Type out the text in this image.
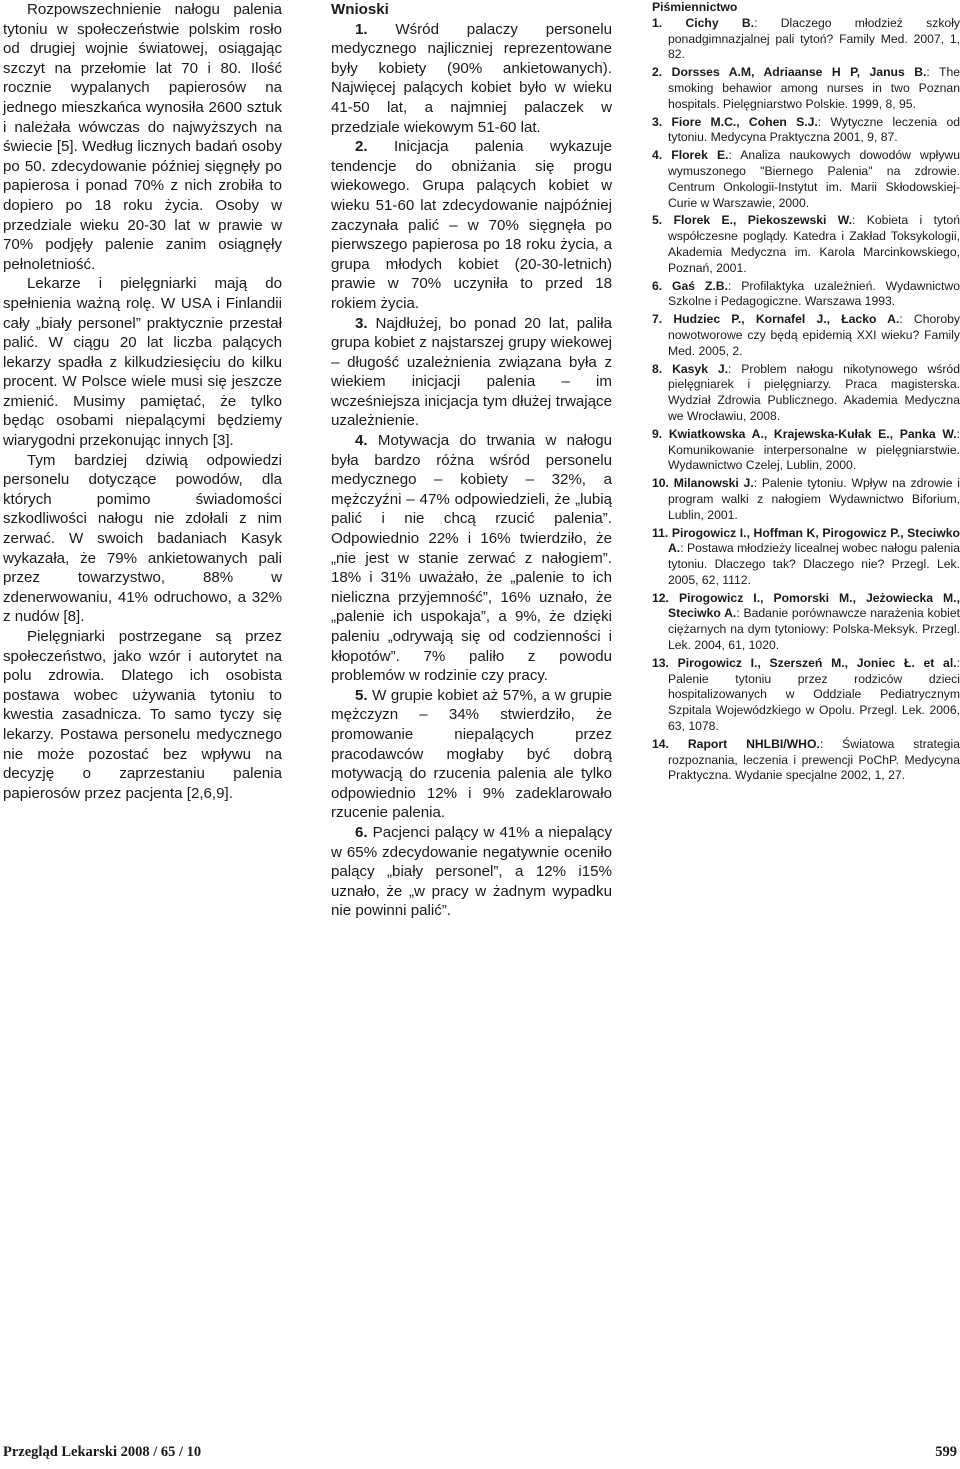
Rozpowszechnienie nałogu palenia tytoniu w społeczeństwie polskim rosło od drugiej wojnie światowej, osiągając szczyt na przełomie lat 70 i 80. Ilość rocznie wypalanych papierosów na jednego mieszkańca wynosiła 2600 sztuk i należała wówczas do najwyższych na świecie [5]. Według licznych badań osoby po 50. zdecydowanie później sięgnęły po papierosa i ponad 70% z nich zrobiła to dopiero po 18 roku życia. Osoby w przedziale wieku 20-30 lat w prawie w 70% podjęły palenie zanim osiągnęły pełnoletniość.

Lekarze i pielęgniarki mają do spełnienia ważną rolę. W USA i Finlandii cały „biały personel” praktycznie przestał palić. W ciągu 20 lat liczba palących lekarzy spadła z kilkudziesięciu do kilku procent. W Polsce wiele musi się jeszcze zmienić. Musimy pamiętać, że tylko będąc osobami niepalącymi będziemy wiarygodni przekonując innych [3].

Tym bardziej dziwią odpowiedzi personelu dotyczące powodów, dla których pomimo świadomości szkodliwości nałogu nie zdołali z nim zerwać. W swoich badaniach Kasyk wykazała, że 79% ankietowanych pali przez towarzystwo, 88% w zdenerwowaniu, 41% odruchowo, a 32% z nudów [8].

Pielęgniarki postrzegane są przez społeczeństwo, jako wzór i autorytet na polu zdrowia. Dlatego ich osobista postawa wobec używania tytoniu to kwestia zasadnicza. To samo tyczy się lekarzy. Postawa personelu medycznego nie może pozostać bez wpływu na decyzję o zaprzestaniu palenia papierosów przez pacjenta [2,6,9].

Wnioski

1. Wśród palaczy personelu medycznego najliczniej reprezentowane były kobiety (90% ankietowanych). Najwięcej palących kobiet było w wieku 41-50 lat, a najmniej palaczek w przedziale wiekowym 51-60 lat.

2. Inicjacja palenia wykazuje tendencje do obniżania się progu wiekowego. Grupa palących kobiet w wieku 51-60 lat zdecydowanie najpóźniej zaczynała palić – w 70% sięgnęła po pierwszego papierosa po 18 roku życia, a grupa młodych kobiet (20-30-letnich) prawie w 70% uczyniła to przed 18 rokiem życia.

3. Najdłużej, bo ponad 20 lat, paliła grupa kobiet z najstarszej grupy wiekowej – długość uzależnienia związana była z wiekiem inicjacji palenia – im wcześniejsza inicjacja tym dłużej trwające uzależnienie.

4. Motywacja do trwania w nałogu była bardzo różna wśród personelu medycznego – kobiety – 32%, a mężczyźni – 47% odpowiedzieli, że „lubią palić i nie chcą rzucić palenia”. Odpowiednio 22% i 16% twierdziło, że „nie jest w stanie zerwać z nałogiem”. 18% i 31% uważało, że „palenie to ich nieliczna przyjemność”, 16% uznało, że „palenie ich uspokaja”, a 9%, że dzięki paleniu „odrywają się od codzienności i kłopotów”. 7% paliło z powodu problemów w rodzinie czy pracy.

5. W grupie kobiet aż 57%, a w grupie mężczyzn – 34% stwierdziło, że promowanie niepalących przez pracodawców mogłaby być dobrą motywacją do rzucenia palenia ale tylko odpowiednio 12% i 9% zadeklarowało rzucenie palenia.

6. Pacjenci palący w 41% a niepalący w 65% zdecydowanie negatywnie oceniło palący „biały personel”, a 12% i15% uznało, że „w pracy w żadnym wypadku nie powinni palić”.

Piśmiennictwo

1. Cichy B.: Dlaczego młodzież szkoły ponadgimnazjalnej pali tytoń? Family Med. 2007, 1, 82.

2. Dorsses A.M, Adriaanse H P, Janus B.: The smoking behawior among nurses in two Poznan hospitals. Pielęgniarstwo Polskie. 1999, 8, 95.

3. Fiore M.C., Cohen S.J.: Wytyczne leczenia od tytoniu. Medycyna Praktyczna 2001, 9, 87.

4. Florek E.: Analiza naukowych dowodów wpływu wymuszonego "Biernego Palenia" na zdrowie. Centrum Onkologii-Instytut im. Marii Skłodowskiej-Curie w Warszawie, 2000.

5. Florek E., Piekoszewski W.: Kobieta i tytoń współczesne poglądy. Katedra i Zakład Toksykologii, Akademia Medyczna im. Karola Marcinkowskiego, Poznań, 2001.

6. Gaś Z.B.: Profilaktyka uzależnień. Wydawnictwo Szkolne i Pedagogiczne. Warszawa 1993.

7. Hudziec P., Kornafel J., Łacko A.: Choroby nowotworowe czy będą epidemią XXI wieku? Family Med. 2005, 2.

8. Kasyk J.: Problem nałogu nikotynowego wśród pielęgniarek i pielęgniarzy. Praca magisterska. Wydział Zdrowia Publicznego. Akademia Medyczna we Wrocławiu, 2008.

9. Kwiatkowska A., Krajewska-Kułak E., Panka W.: Komunikowanie interpersonalne w pielęgniarstwie. Wydawnictwo Czelej, Lublin, 2000.

10. Milanowski J.: Palenie tytoniu. Wpływ na zdrowie i program walki z nałogiem Wydawnictwo Biforium, Lublin, 2001.

11. Pirogowicz I., Hoffman K, Pirogowicz P., Steciwko A.: Postawa młodzieży licealnej wobec nałogu palenia tytoniu. Dlaczego tak? Dlaczego nie? Przegl. Lek. 2005, 62, 1112.

12. Pirogowicz I., Pomorski M., Jeżowiecka M., Steciwko A.: Badanie porównawcze narażenia kobiet ciężarnych na dym tytoniowy: Polska-Meksyk. Przegl. Lek. 2004, 61, 1020.

13. Pirogowicz I., Szerszeń M., Joniec Ł. et al.: Palenie tytoniu przez rodziców dzieci hospitalizowanych w Oddziale Pediatrycznym Szpitala Wojewódzkiego w Opolu. Przegl. Lek. 2006, 63, 1078.

14. Raport NHLBI/WHO.: Światowa strategia rozpoznania, leczenia i prewencji PoChP. Medycyna Praktyczna. Wydanie specjalne 2002, 1, 27.

Przegląd Lekarski 2008 / 65 / 10	599
